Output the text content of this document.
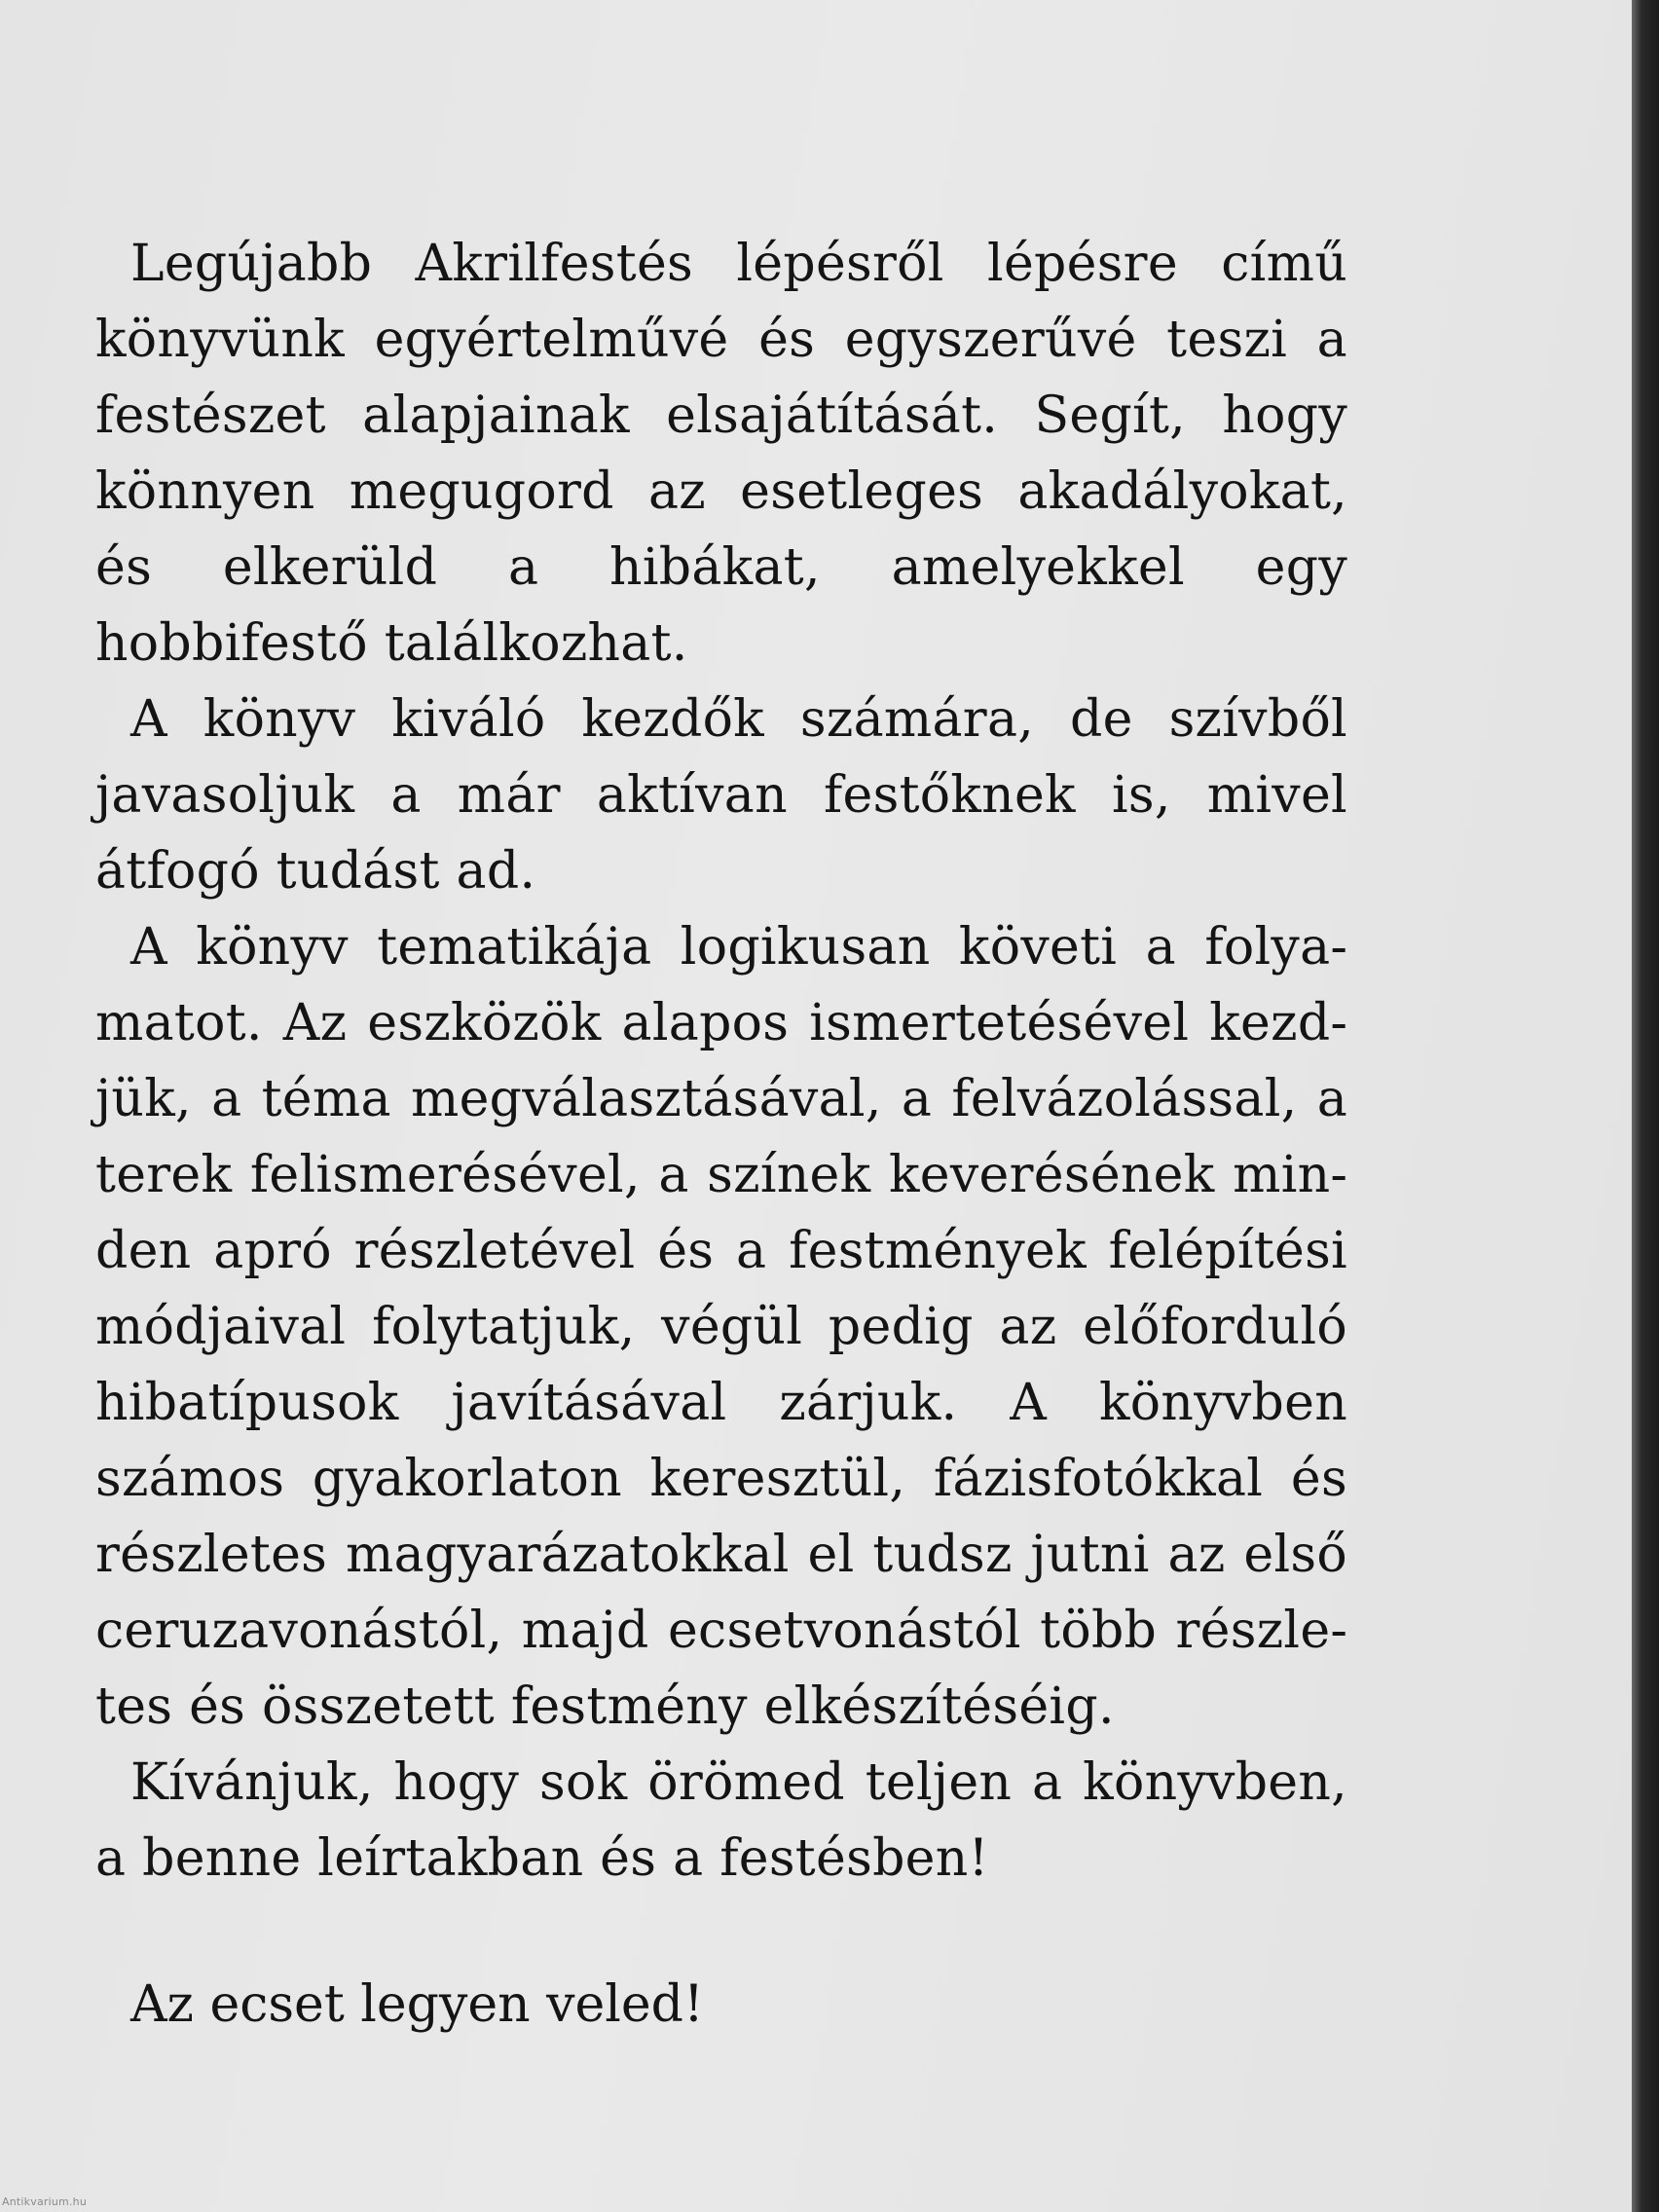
Legújabb Akrilfestés lépésről lépésre című könyvünk egyértelművé és egyszerűvé teszi a festészet alapjainak elsajátítását. Segít, hogy könnyen megugord az esetleges akadályokat, és elkerüld a hibákat, amelyekkel egy hobbifestő találkozhat.

A könyv kiváló kezdők számára, de szívből javasoljuk a már aktívan festőknek is, mivel átfogó tudást ad.

A könyv tematikája logikusan követi a folyamatot. Az eszközök alapos ismertetésével kezdjük, a téma megválasztásával, a felvázolással, a terek felismerésével, a színek keverésének minden apró részletével és a festmények felépítési módjaival folytatjuk, végül pedig az előforduló hibatípusok javításával zárjuk. A könyvben számos gyakorlaton keresztül, fázisfotókkal és részletes magyarázatokkal el tudsz jutni az első ceruzavonástól, majd ecsetvonástól több részletes és összetett festmény elkészítéséig.

Kívánjuk, hogy sok örömed teljen a könyvben, a benne leírtakban és a festésben!

Az ecset legyen veled!

Antikvarium.hu
